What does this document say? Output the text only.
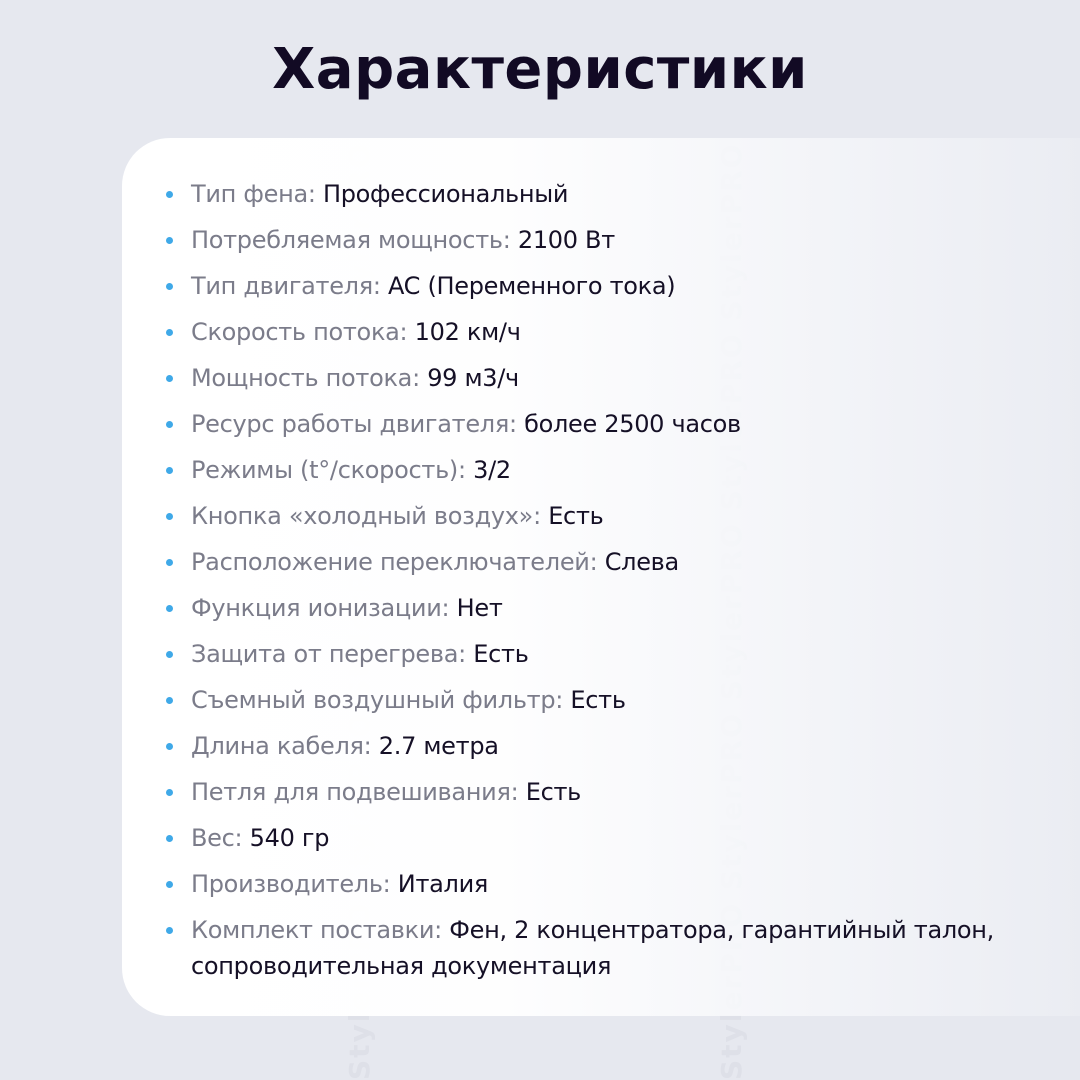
Характеристики
Тип фена: Профессиональный
Потребляемая мощность: 2100 Вт
Тип двигателя: AC (Переменного тока)
Скорость потока: 102 км/ч
Мощность потока: 99 м3/ч
Ресурс работы двигателя: более 2500 часов
Режимы (t°/скорость): 3/2
Кнопка «холодный воздух»: Есть
Расположение переключателей: Слева
Функция ионизации: Нет
Защита от перегрева: Есть
Съемный воздушный фильтр: Есть
Длина кабеля: 2.7 метра
Петля для подвешивания: Есть
Вес: 540 гр
Производитель: Италия
Комплект поставки: Фен, 2 концентратора, гарантийный талон, сопроводительная документация
